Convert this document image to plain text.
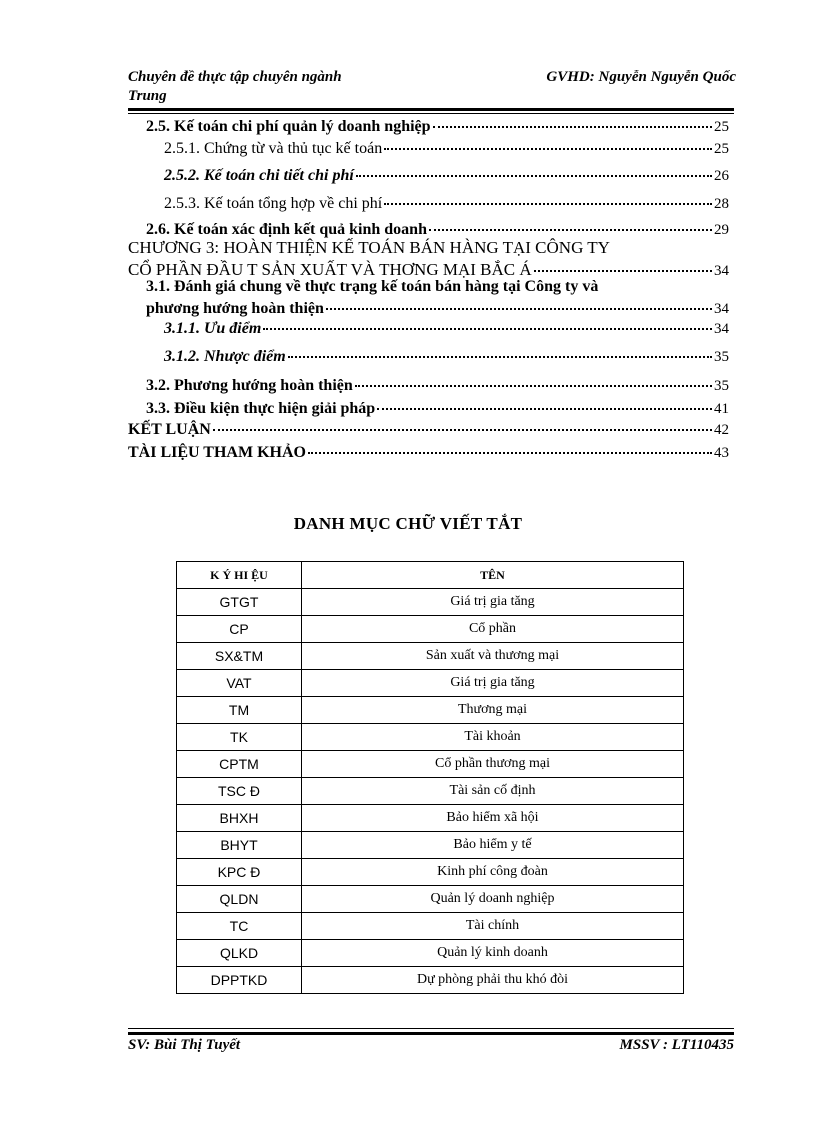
Chuyên đề thực tập chuyên ngành
Trung
GVHD: Nguyễn Nguyễn Quốc
2.5. Kế toán chi phí quản lý doanh nghiệp	25
2.5.1. Chứng từ và thủ tục kế toán	25
2.5.2. Kế toán chi tiết chi phí	26
2.5.3. Kế toán tổng hợp về chi phí	28
2.6. Kế toán xác định kết quả kinh doanh	29
CHƯƠNG 3: HOÀN THIỆN KẾ TOÁN BÁN HÀNG TẠI CÔNG TY
CỔ PHẦN ĐẦU T SẢN XUẤT VÀ THƠNG MẠI BẮC Á	34
3.1. Đánh giá chung về thực trạng kế toán bán hàng tại Công ty và
phương hướng hoàn thiện	34
3.1.1. Ưu điểm	34
3.1.2. Nhược điểm	35
3.2. Phương hướng hoàn thiện	35
3.3. Điều kiện thực hiện giải pháp	41
KẾT LUẬN	42
TÀI LIỆU THAM KHẢO	43
DANH MỤC CHỮ VIẾT TẮT
K Ý HI ỆU	TÊN
GTGT	Giá trị gia tăng
CP	Cổ phần
SX&TM	Sản xuất và thương mại
VAT	Giá trị gia tăng
TM	Thương mại
TK	Tài khoản
CPTM	Cổ phần thương mại
TSC Đ	Tài sản cố định
BHXH	Bảo hiểm xã hội
BHYT	Bảo hiểm y tế
KPC Đ	Kinh phí công đoàn
QLDN	Quản lý doanh nghiệp
TC	Tài chính
QLKD	Quản lý kinh doanh
DPPTKD	Dự phòng phải thu khó đòi
SV: Bùi Thị Tuyết	MSSV : LT110435
